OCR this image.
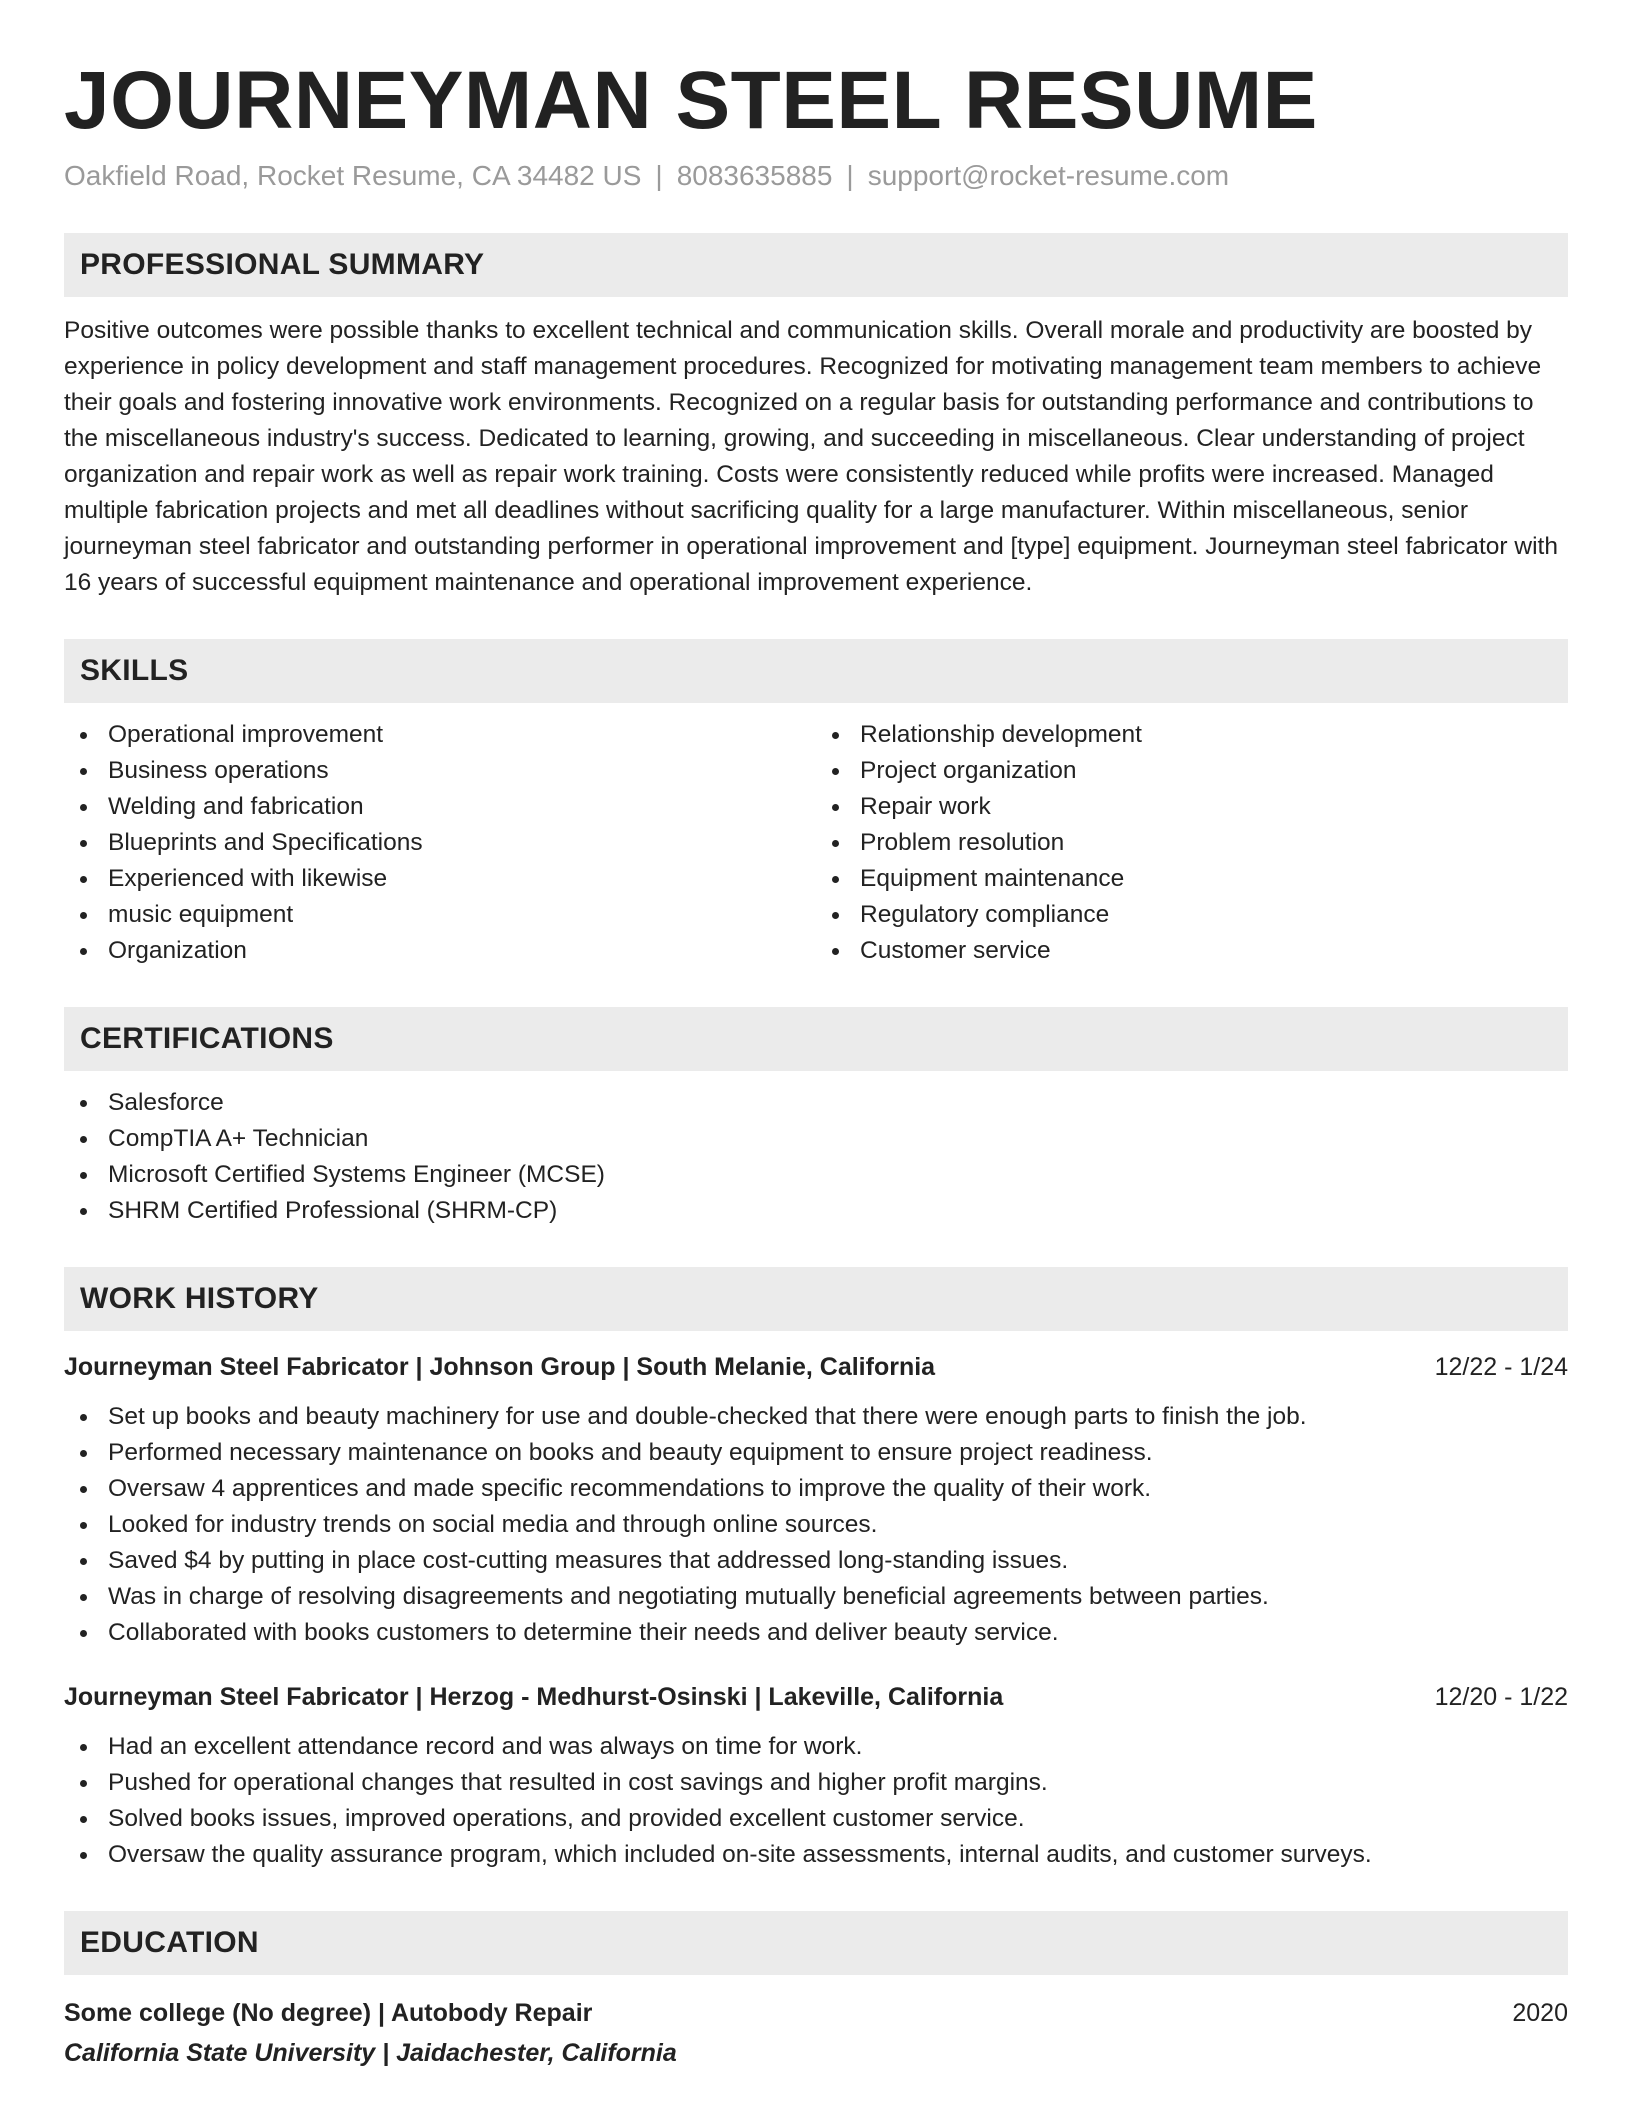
JOURNEYMAN STEEL RESUME
Oakfield Road, Rocket Resume, CA 34482 US | 8083635885 | support@rocket-resume.com
PROFESSIONAL SUMMARY
Positive outcomes were possible thanks to excellent technical and communication skills. Overall morale and productivity are boosted by experience in policy development and staff management procedures. Recognized for motivating management team members to achieve their goals and fostering innovative work environments. Recognized on a regular basis for outstanding performance and contributions to the miscellaneous industry's success. Dedicated to learning, growing, and succeeding in miscellaneous. Clear understanding of project organization and repair work as well as repair work training. Costs were consistently reduced while profits were increased. Managed multiple fabrication projects and met all deadlines without sacrificing quality for a large manufacturer. Within miscellaneous, senior journeyman steel fabricator and outstanding performer in operational improvement and [type] equipment. Journeyman steel fabricator with 16 years of successful equipment maintenance and operational improvement experience.
SKILLS
Operational improvement
Business operations
Welding and fabrication
Blueprints and Specifications
Experienced with likewise
music equipment
Organization
Relationship development
Project organization
Repair work
Problem resolution
Equipment maintenance
Regulatory compliance
Customer service
CERTIFICATIONS
Salesforce
CompTIA A+ Technician
Microsoft Certified Systems Engineer (MCSE)
SHRM Certified Professional (SHRM-CP)
WORK HISTORY
Journeyman Steel Fabricator | Johnson Group | South Melanie, California	12/22 - 1/24
Set up books and beauty machinery for use and double-checked that there were enough parts to finish the job.
Performed necessary maintenance on books and beauty equipment to ensure project readiness.
Oversaw 4 apprentices and made specific recommendations to improve the quality of their work.
Looked for industry trends on social media and through online sources.
Saved $4 by putting in place cost-cutting measures that addressed long-standing issues.
Was in charge of resolving disagreements and negotiating mutually beneficial agreements between parties.
Collaborated with books customers to determine their needs and deliver beauty service.
Journeyman Steel Fabricator | Herzog - Medhurst-Osinski | Lakeville, California	12/20 - 1/22
Had an excellent attendance record and was always on time for work.
Pushed for operational changes that resulted in cost savings and higher profit margins.
Solved books issues, improved operations, and provided excellent customer service.
Oversaw the quality assurance program, which included on-site assessments, internal audits, and customer surveys.
EDUCATION
Some college (No degree) | Autobody Repair	2020
California State University | Jaidachester, California
